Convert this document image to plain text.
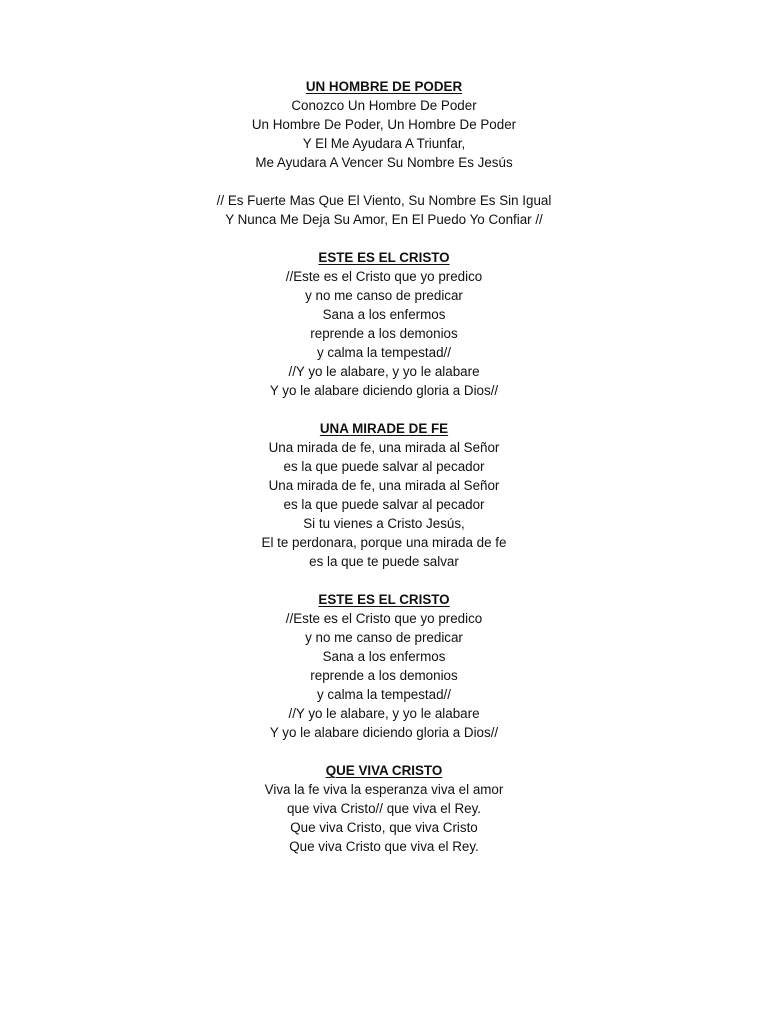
UN HOMBRE DE PODER
Conozco Un Hombre De Poder
Un Hombre De Poder, Un Hombre De Poder
Y El Me Ayudara A Triunfar,
Me Ayudara A Vencer Su Nombre Es Jesús
// Es Fuerte Mas Que El Viento, Su Nombre Es Sin Igual
Y Nunca Me Deja Su Amor, En El Puedo Yo Confiar //
ESTE ES EL CRISTO
//Este es el Cristo que yo predico
y no me canso de predicar
Sana a los enfermos
reprende a los demonios
y calma la tempestad//
//Y yo le alabare, y yo le alabare
Y yo le alabare diciendo gloria a Dios//
UNA MIRADE DE FE
Una mirada de fe, una mirada al Señor
es la que puede salvar al pecador
Una mirada de fe, una mirada al Señor
es la que puede salvar al pecador
Si tu vienes a Cristo Jesús,
El te perdonara, porque una mirada de fe
es la que te puede salvar
ESTE ES EL CRISTO
//Este es el Cristo que yo predico
y no me canso de predicar
Sana a los enfermos
reprende a los demonios
y calma la tempestad//
//Y yo le alabare, y yo le alabare
Y yo le alabare diciendo gloria a Dios//
QUE VIVA CRISTO
Viva la fe viva la esperanza viva el amor
que viva Cristo// que viva el Rey.
Que viva Cristo, que viva Cristo
Que viva Cristo que viva el Rey.
